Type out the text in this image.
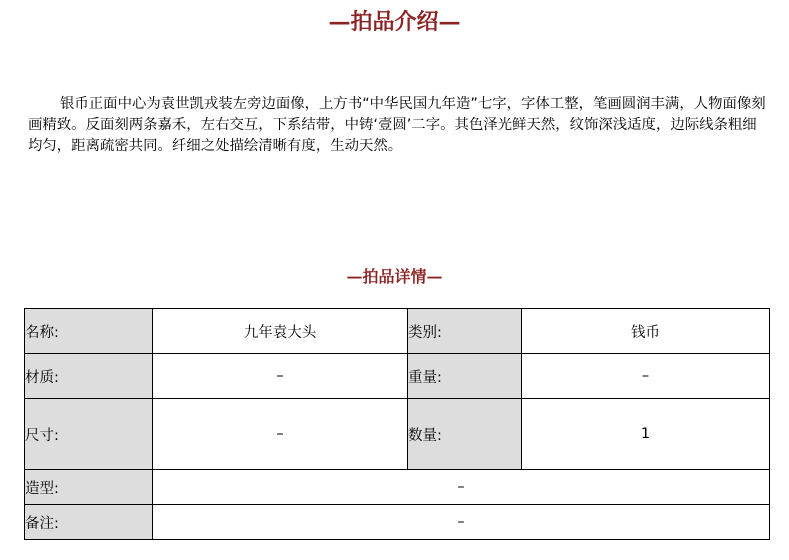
—拍品介绍—

银币正面中心为袁世凯戎装左旁边面像，上方书“中华民国九年造”七字，字体工整，笔画圆润丰满，人物面像刻画精致。反面刻两条嘉禾，左右交互，下系结带，中铸‘壹圆’二字。其色泽光鲜天然，纹饰深浅适度，边际线条粗细均匀，距离疏密共同。纤细之处描绘清晰有度，生动天然。

—拍品详情—
名称:	九年袁大头	类别:	钱币
材质:	–	重量:	–
尺寸:	–	数量:	1
造型:	–		
备注:	–		
